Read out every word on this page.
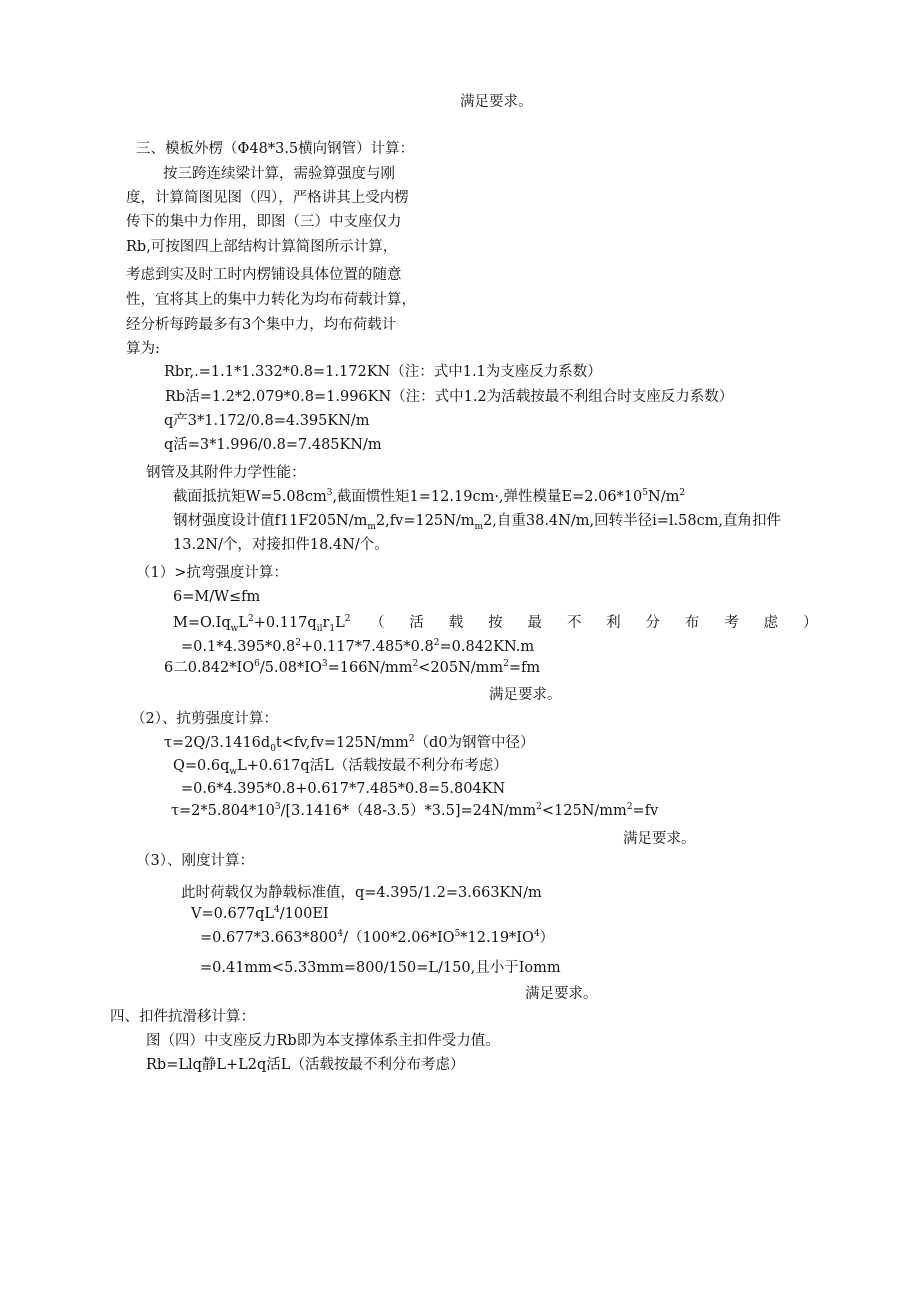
满足要求。
三、模板外楞（Φ48*3.5横向钢管）计算：
按三跨连续梁计算，需验算强度与刚
度，计算简图见图（四），严格讲其上受内楞
传下的集中力作用，即图（三）中支座仅力
Rb,可按图四上部结构计算简图所示计算，
考虑到实及时工时内楞铺设具体位置的随意
性，宜将其上的集中力转化为均布荷载计算，
经分析每跨最多有3个集中力，均布荷载计
算为:
Rbr,.=1.1*1.332*0.8=1.172KN（注：式中1.1为支座反力系数）
Rb活=1.2*2.079*0.8=1.996KN（注：式中1.2为活载按最不利组合时支座反力系数）
q产3*1.172/0.8=4.395KN/m
q活=3*1.996/0.8=7.485KN/m
钢管及其附件力学性能：
截面抵抗矩$W=5.08cm^3$,截面惯性矩1=12.19cm·,弹性模量$E=2.06*10^5N∕m^2$
钢材强度设计值$f11F205N∕m_m2,fv=125N∕m_m2$,自重38.4N∕m,回转半径i=l.58cm,直角扣件
13.2N/个，对接扣件18.4N/个。
（1）>抗弯强度计算：
6=M/W≤fm
$M=O.Iq_wL^2+0.117q_{il}r_1L^2$ （ 活 载 按 最 不 利 分 布 考 虑 ）
$=0.1*4.395*0.8^2+0.117*7.485*0.8^2=0.842KN.m$
6二$0.842*IO^6/5.08*IO^3=166N∕mm^2<205N∕mm^2=fm$
满足要求。
（2）、抗剪强度计算：
$\tau=2Q∕3.1416d_0t<fv,fv=125N∕mm^2(d0$为钢管中径）
$Q=0.6q_wL+0.617q$活L（活载按最不利分布考虑）
=0.6*4.395*0.8+0.617*7.485*0.8=5.804KN
$\tau=2*5.804*10^3∕[3.1416*(48-3.5)*3.5]=24N∕mm^2<125N∕mm^2=fv$
满足要求。
（3）、刚度计算：
此时荷载仅为静载标准值，q=4.395∕1.2=3.663KN∕m
$V=0.677qL^4/100EI$
$=0.677*3.663*800^4/(100*2.06*IO^5*12.19*IO^4)$
=0.41mm<5.33mm=800∕150=L∕150,且小于Iomm
满足要求。
四、扣件抗滑移计算：
图（四）中支座反力Rb即为本支撑体系主扣件受力值。
Rb=Llq静L+L2q活L（活载按最不利分布考虑）
